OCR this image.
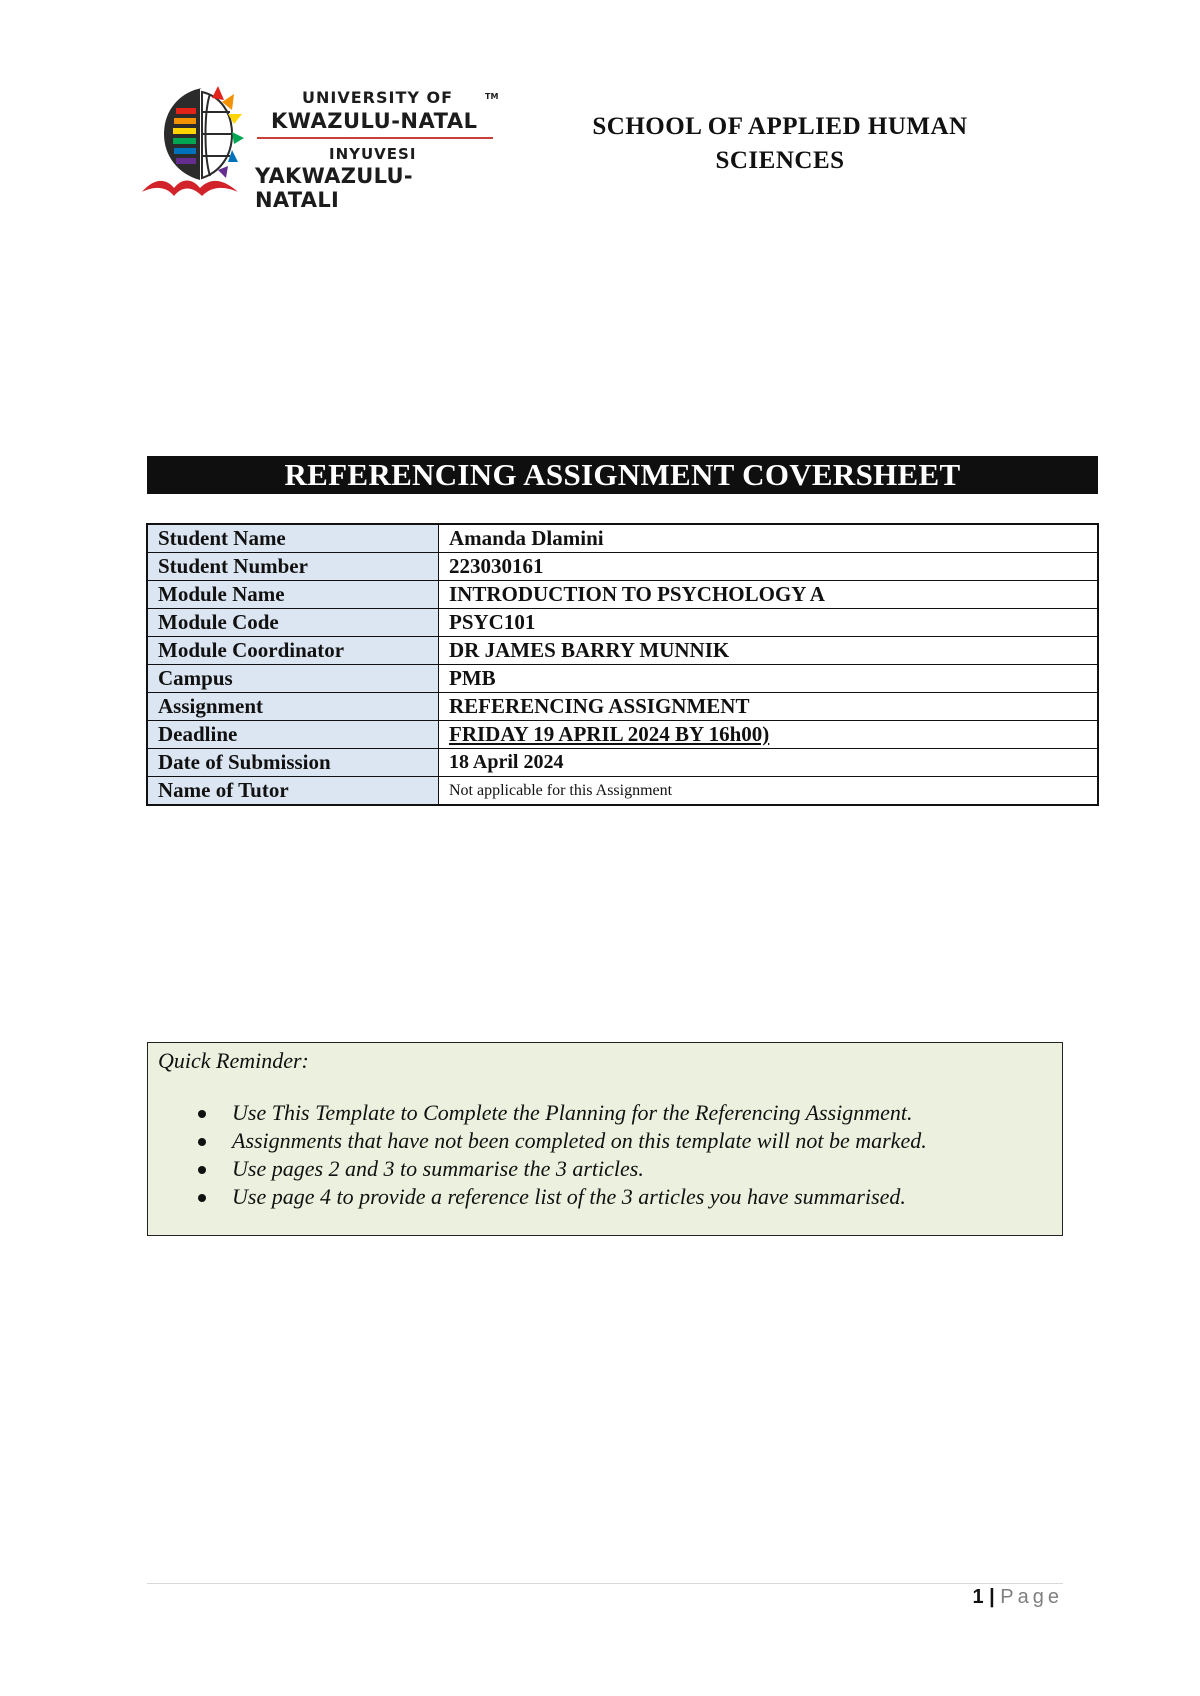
UNIVERSITY OF	TM
KWAZULU-NATAL
INYUVESI
YAKWAZULU-NATALI
SCHOOL OF APPLIED HUMAN
SCIENCES
REFERENCING ASSIGNMENT COVERSHEET
Student Name	Amanda Dlamini
Student Number	223030161
Module Name	INTRODUCTION TO PSYCHOLOGY A
Module Code	PSYC101
Module Coordinator	DR JAMES BARRY MUNNIK
Campus	PMB
Assignment	REFERENCING ASSIGNMENT
Deadline	FRIDAY 19 APRIL 2024 BY 16h00)
Date of Submission	18 April 2024
Name of Tutor	Not applicable for this Assignment
Quick Reminder:
Use This Template to Complete the Planning for the Referencing Assignment.
Assignments that have not been completed on this template will not be marked.
Use pages 2 and 3 to summarise the 3 articles.
Use page 4 to provide a reference list of the 3 articles you have summarised.
1 | Page
